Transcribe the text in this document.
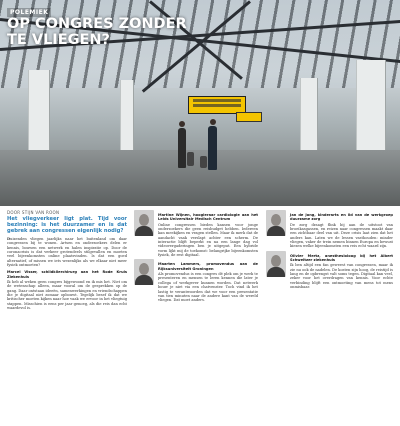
POLEMIEK
OP CONGRES ZONDER
TE VLIEGEN?
DOOR STIJN VAN ROON
Het vliegverkeer ligt plat. Tijd voor bezinning: is het duurzamer en is dat gebrek aan congressen eigenlijk nodig?
Duizenden vliegen jaarlijks naar het buitenland om daar congressen bij te wonen. Artsen en onderzoekers delen er kennis, bouwen een netwerk en halen inspiratie op. Door de coronacrisis is dat verkeer grotendeels stilgevallen en moeten veel bijeenkomsten online plaatsvinden. Is dat een goed alternatief, of missen we iets wezenlijks als we elkaar niet meer fysiek ontmoeten?
Marcel Visser, schildklierchirurg aan het Rode Kruis Ziekenhuis
Ik heb al weken geen congres bijgewoond en ik mis het. Niet om de wetenschap alleen, maar vooral om de gesprekken op de gang. Daar ontstaan ideeën, samenwerkingen en vriendschappen die je digitaal niet zomaar opbouwt. Tegelijk besef ik dat we kritischer moeten kijken naar hoe vaak we ervoor in het vliegtuig stappen. Misschien is eens per jaar genoeg, als die reis dan echt waardevol is.
Martine Wijnen, hoogleraar cardiologie aan het Leids Universitair Medisch Centrum
Online congressen bieden kansen voor jonge onderzoekers die geen reisbudget hebben. Iedereen kan meekijken en vragen stellen. Maar ik merk dat de aandacht vaak verslapt achter een scherm. De interactie blijft beperkt en na een lange dag vol videovergaderingen ben je uitgeput. Een hybride vorm lijkt mij de toekomst: belangrijke bijeenkomsten fysiek, de rest digitaal.
Maarten Lammers, promovendus aan de Rijksuniversiteit Groningen
Als promovendus is een congres dé plek om je werk te presenteren en mensen te leren kennen die later je collega of werkgever kunnen worden. Dat netwerk bouw je niet via een chatvenster. Toch vind ik het lastig te verantwoorden dat we voor een presentatie van tien minuten naar de andere kant van de wereld vliegen. Dat moet anders.
Jan de Jong, kinderarts en lid van de werkgroep duurzame zorg
De zorg draagt flink bij aan de uitstoot van broeikasgassen, en reizen naar congressen maakt daar een zichtbaar deel van uit. Deze crisis laat zien dat het anders kan. Laten we de lessen vasthouden: minder vliegen, vaker de trein nemen binnen Europa en bewust kiezen welke bijeenkomsten een reis echt waard zijn.
Olivier Mertz, anesthesioloog bij het Albert Schweitzer ziekenhuis
Ik ben altijd een fan geweest van congressen, maar ik zie nu ook de nadelen. De kosten zijn hoog, de reistijd is lang en de opbrengst valt soms tegen. Digitaal kan veel, zeker voor het overdragen van kennis. Voor echte verbinding blijft een ontmoeting van mens tot mens onmisbaar.
